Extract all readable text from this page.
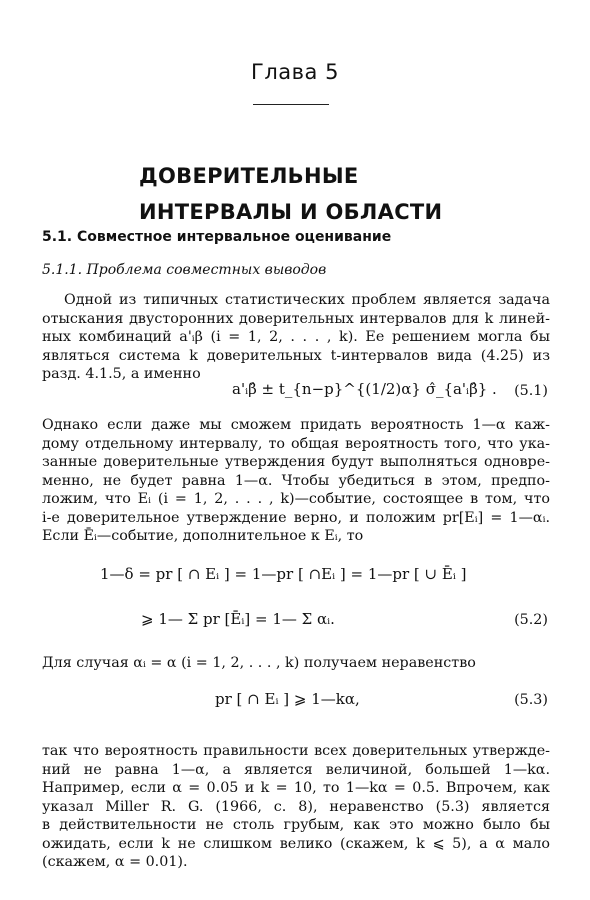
Глава 5
ДОВЕРИТЕЛЬНЫЕ
ИНТЕРВАЛЫ И ОБЛАСТИ
5.1. Совместное интервальное оценивание
5.1.1. Проблема совместных выводов
Одной из типичных статистических проблем является задача
отыскания двусторонних доверительных интервалов для k линей-
ных комбинаций a'ᵢβ (i = 1, 2, . . . , k). Ее решением могла бы
являться система k доверительных t-интервалов вида (4.25) из
разд. 4.1.5, а именно
a'ᵢβ̂ ± t_{n−p}^{(1/2)α} σ̂_{a'ᵢβ̂} . (5.1)
Однако если даже мы сможем придать вероятность 1—α каж-
дому отдельному интервалу, то общая вероятность того, что ука-
занные доверительные утверждения будут выполняться одновре-
менно, не будет равна 1—α. Чтобы убедиться в этом, предпо-
ложим, что Eᵢ (i = 1, 2, . . . , k)—событие, состоящее в том, что
i-е доверительное утверждение верно, и положим pr[Eᵢ] = 1—αᵢ.
Если Ēᵢ—событие, дополнительное к Eᵢ, то
1—δ = pr [ ∩ Eᵢ ] = 1—pr [ ∩Eᵢ ] = 1—pr [ ∪ Ēᵢ ]
⩾ 1— Σ pr [Ēᵢ] = 1— Σ αᵢ.	(5.2)
Для случая αᵢ = α (i = 1, 2, . . . , k) получаем неравенство
pr [ ∩ Eᵢ ] ⩾ 1—kα,	(5.3)
так что вероятность правильности всех доверительных утвержде-
ний не равна 1—α, а является величиной, большей 1—kα.
Например, если α = 0.05 и k = 10, то 1—kα = 0.5. Впрочем, как
указал Miller R. G. (1966, с. 8), неравенство (5.3) является
в действительности не столь грубым, как это можно было бы
ожидать, если k не слишком велико (скажем, k ⩽ 5), а α мало
(скажем, α = 0.01).
